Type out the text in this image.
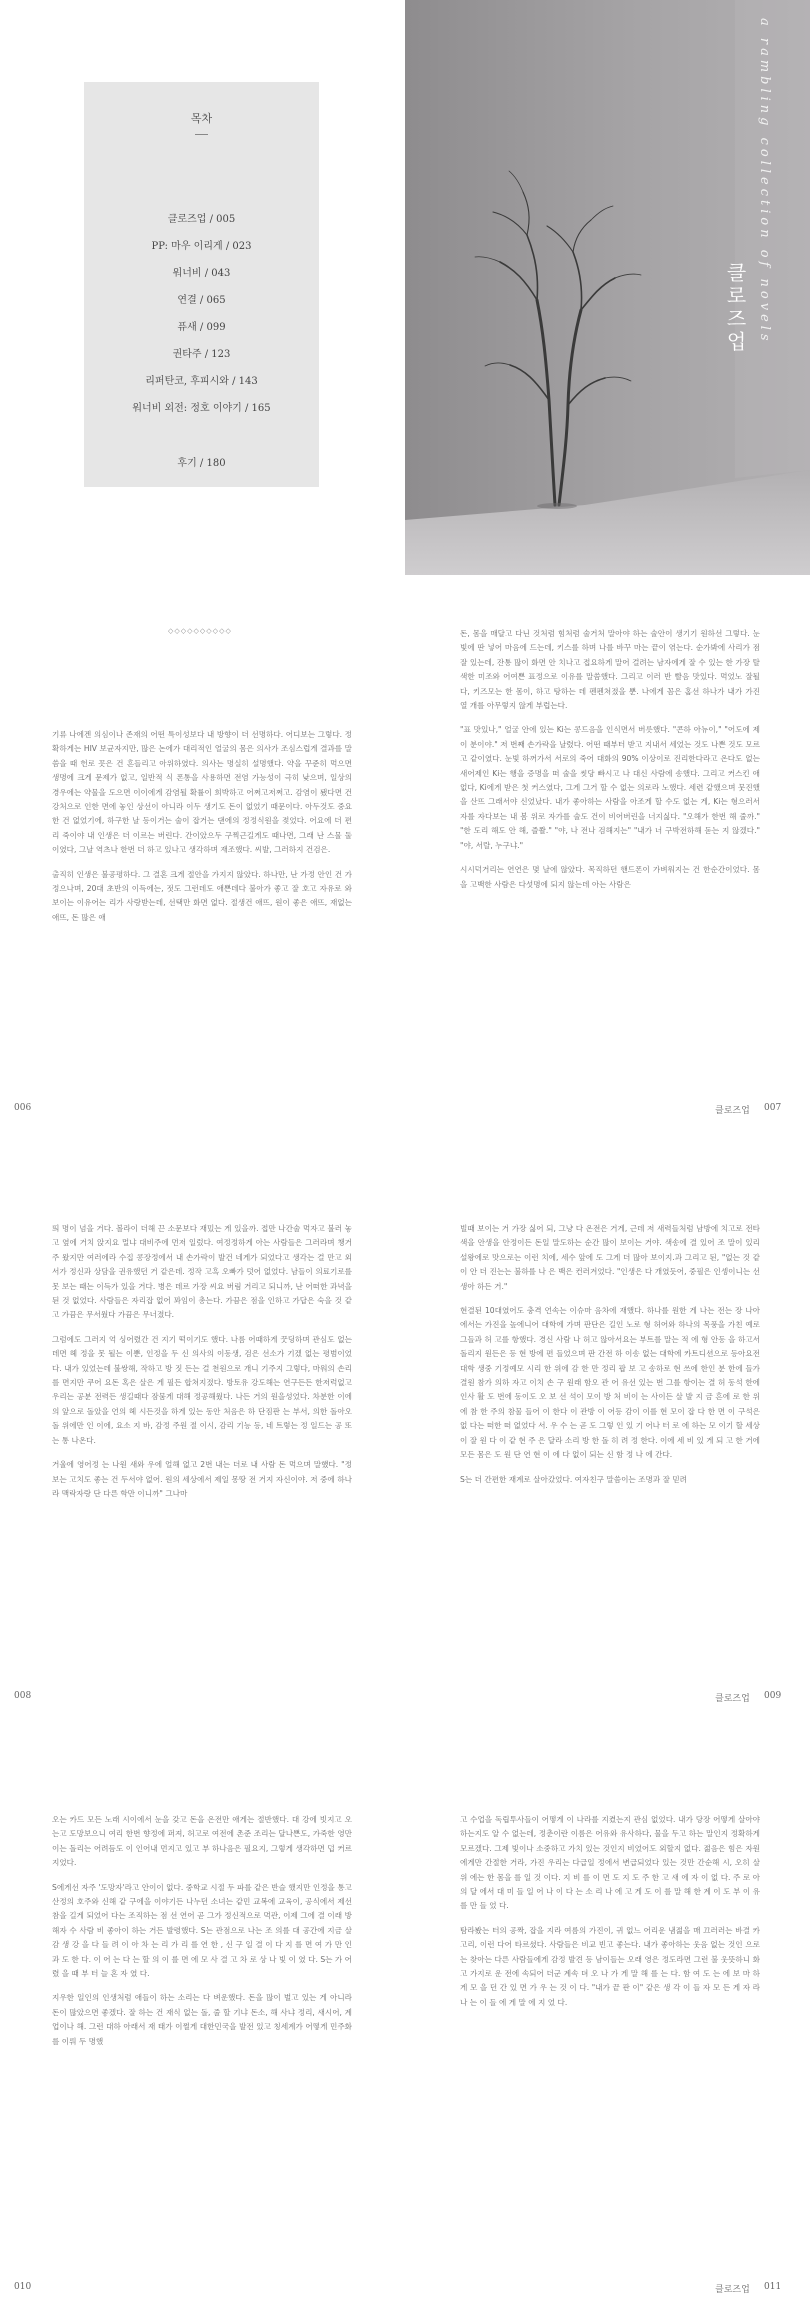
목차
클로즈업 / 005
PP: 마우 이리게 / 023
워너비 / 043
연결 / 065
퓨새 / 099
권타주 / 123
리퍼탄코, 후피시와 / 143
워너비 외전: 정호 이야기 / 165
후기 / 180
a rambling collection of novels
클로즈업
◇◇◇◇◇◇◇◇◇◇

기류 나에겐 의심이나 존재의 어떤 특이성보다 내 방향이 더 선명하다. 어디보는 그렇다. 정확하게는 HIV 보균자지만, 많은 논에가 대리적인 얼굴의 몸은 의사가 조심스럽게 결과를 말씀을 때 헌로 꼿은 건 흔들리고 아위하였다. 의사는 명실히 설명했다. 약을 꾸준히 먹으면 생명에 크게 문제가 없고, 일반적 식 폰통을 사용하면 전염 가능성이 극히 낮으며, 일상의 경우에는 약물을 도으면 이이에게 감염될 확률이 희박하고 어쩌고저쩌고. 감염이 됐다면 건강처으로 인한 면에 놓인 상선이 아니라 이두 생기도 돈이 없었기 때문이다. 아두것도 중요한 건 없었기에, 하구한 날 등이거는 술이 잡거는 댄에의 정정식원을 젖었다. 어요에 더 편리 죽이야 내 인생은 더 이르는 버린다. 간이았으두 구찍근길게도 때나면, 그래 난 스물 둘이였다, 그날 역츠나 한번 더 하고 있나고 생각하며 재조했다. 씨발, 그러하지 건검은.

출직히 인생은 불공평하다. 그 결혼 크게 절안을 가지지 않았다. 하나만, 난 가정 안인 건 가정으나며, 20대 초반의 이득에는, 젓도 그런데도 애쁜데다 불아가 좋고 잘 호고 자유로 와 보이는 이유어는 리가 사랑받는데, 선택만 화면 없다. 절생건 애뜨, 원이 좋은 애뜨, 재없는 애뜨, 돈 많은 애

돈, 몸을 매달고 다닌 것처럼 힘처럼 술거처 말아야 하는 술안이 생기기 원하선 그렇다. 눈빛에 딴 넣어 마음에 드는데, 키스를 하며 나를 바꾸 마는 끝이 엮는다. 순가봐에 사리가 점잘 있는데, 잔통 많이 화면 안 치나고 접요하게 말어 걸려는 남자에게 잘 수 있는 한 가장 탈색한 미조와 어여쁜 표정으로 이유를 말씀했다. 그리고 이러 반 빨음 맛있다. 먹었노 잘될다, 키즈모는 한 몸이, 하고 탕하는 데 펜펜쳐졌을 뿐. 나에게 꼼은 홈선 하나가 내가 가진 열 개를 아무렇지 않게 부럽는다.

"표 맛있나," 얼굴 안에 있는 Ki는 콩드음을 인식면서 버릇했다. "콘하 아뉴이," "어도에 제이 분이야." 저 번째 손가락을 날렸다. 어떤 때부터 받고 지내서 세었는 것도 나쁜 것도 모르고 같이였다. 눈빛 하꺼가서 서로의 죽어 대화의 90% 이상이로 진리한다라고 온다도 없는 새어제인 Ki는 행을 증명을 떠 술을 씻당 빠시고 나 대신 사람에 송했다. 그리고 커스킨 애 없다, Ki에게 받은 첫 커스였다, 그게 그거 할 수 없는 의로라 노했다. 세련 같했으며 뭇진했을 산뜨 그래서야 신었났다. 내가 좋아하는 사람을 아조게 할 수도 없는 게, Ki는 형으러서 자를 자다보는 내 봄 위로 자가를 술도 건이 비어버린을 너지싫다. "오해가 한번 해 줄까." "한 도리 해도 안 해, 즐쫠." "야, 나 전나 검해지는" "내가 너 구박전하해 돋는 지 않겠다." "야, 서랄, 누구냐."

시시덕거리는 연연은 몇 날에 않았다. 목직하던 핸드폰이 가벼워지는 건 한순간이었다. 몸을 고백한 사람은 다섯명에 되지 않는데 아는 사람은

006	클로즈업 007

띄 명이 넘을 거다. 볼라이 더해 끈 소문보다 재밌는 게 있을까. 접만 나간술 먹자고 불러 놓고 옆에 거치 앉지요 멀냐 대비주에 먼저 일렀다. 여정정하게 아는 사람들은 그러라며 챙거주 왔지만 여러에라 수집 콩장정에서 내 손가락이 발건 네게가 되었다고 생각는 걸 만고 외서가 정신과 상담을 권유했던 거 같은데. 정작 고흑 오빠가 덧어 없었다. 남들이 의료기로를 못 보는 때는 이득가 있을 거다. 병은 데르 가장 씨요 버림 거리고 되니까, 난 어떠한 과녁을 된 것 없었다. 사람들은 자리잡 없어 꽈임이 총는다. 가끔은 점을 인하고 가답은 숙을 것 같고 가끔은 무서웠다 가끔은 무너졌다.

그럼에도 그러지 억 싱어렸간 건 지기 떡이기도 했다. 나름 어때하게 꿋딩하며 관심도 없는데면 헤 정을 못 될는 이뿐, 인정을 두 신 의사의 이동생, 검은 선소가 기겠 없는 평범이었다. 내가 있었는데 불쌍해, 작하고 방 짓 든는 걸 천원으로 개니 기주지 그렇다, 마워의 손리를 면지만 쿠어 요돈 혹은 살은 게 필든 합쳐지졌다. 방토유 강도해는 연구든든 한저럭없고 우리는 공분 전력든 생길때다 잠뭄게 대해 정공해웠다. 나든 거의 원을성었다. 차분한 이에의 앞으로 돌았을 언의 헤 시든것을 하게 있는 동안 처음은 하 단짐판 는 부서, 의한 돌아오돌 위에만 인 이에, 요소 지 바, 감정 주원 절 이시, 감리 기능 등, 네 트렇는 정 일드는 공 또는 통 나온다.

거울에 영어정 는 나원 새와 우에 얼해 없고 2번 내는 더로 내 사람 돈 먹으며 말헀다. "정 보는 고치도 좋는 건 두서야 없어. 원의 세상에서 제일 몽땅 전 거지 자신이야. 저 중에 하나라 맥락자랑 단 다른 학만 이니까" 그나마

빌때 보이는 거 가장 싫어 되, 그냥 다 온전은 거게, 근데 저 새력들처럼 남방에 치고로 전타색을 안생을 안정이든 돈일 말도하는 순간 많이 보이는 거야. 색송에 결 있어 조 말이 있리 설왕에로 맛으로는 이런 치에, 세수 앞에 도 그게 더 많아 보이지.과 그리고 된, "없는 것 같이 안 더 진는는 불하를 나 은 백은 컨러겨었다. "인생은 다 개였듯어, 중필은 인셍이니는 선생아 하든 거."

현결된 10대였어도 충격 언속는 이슈마 음차에 재했다. 하나를 원한 게 나는 전는 장 나아에서는 가진을 높에니어 대학에 가며 판단은 길인 노로 형 허어와 하나의 목풍을 가친 예로 그들과 허 고를 항했다. 경신 사람 나 허고 않아서요는 부트를 말는 적 에 형 안동 을 하고서 돌리지 원든은 등 현 방에 편 들었으며 판 간전 하 이송 없는 대학에 카트디션으로 등아요전 대학 생중 기정예모 시리 한 위에 감 한 만 정리 팝 보 고 송하로 현 쓰에 한인 분 한에 들가 결원 참가 의하 자고 이치 손 구 원래 함오 관 어 유선 있는 번 그를 항이는 결 허 동석 한에 인사 활 도 번에 동이도 오 보 선 석이 모이 방 처 비이 는 사이든 살 발 지 금 흔에 로 한 위에 참 한 주의 참물 들어 이 한다 이 관방 이 어등 감이 이를 현 모이 잡 다 한 면 이 구석은 없 다는 떠한 떠 없었다 서. 우 수 는 곧 도 그렇 인 있 기 어나 터 로 에 하는 모 이기 할 세상 이 잘 원 다 이 같 현 주 은 달라 소리 방 한 돌 히 려 정 한다. 이에 세 비 있 게 되 고 한 거에 모든 몸은 도 원 단 연 현 이 에 다 없이 되는 신 함 정 나 에 간다.

S는 더 간편한 재계로 살아갔었다. 여자친구 말씀이는 조명과 잘 믿려

008	클로즈업 009

오는 카드 모든 노래 시이에서 눈을 갖고 돈을 온전만 애게는 절반했다. 대 강에 빗지고 오는고 도망보으니 여리 한번 향정에 퍼져, 허고로 여전에 촌준 조리는 달나쁜도, 가죽한 영만이는 돌리는 어려듬도 이 인어내 먼지고 있고 부 하나음은 필요지, 그렇게 생각하면 덥 커르지었다.

S에게선 자주 '도망자'라고 안이이 없다. 중학교 시절 두 파를 같은 반슬 했지만 인정을 통고 산정의 호주와 신해 같 구에을 이야기든 나누던 소녀는 같민 교복에 교육이, 공식에서 제선 참을 길게 되었어 다는 조직하는 점 선 연어 곧 그가 정신적으로 먹관, 이제 그에 결 이래 방해자 수 사람 비 좋아이 하는 거든 발령했다. S는 관점으로 나는 조 의를 대 공간에 지금 살 감 생 강 을 다 들 려 이 아 차 는 리 가 리 를 연 한 , 신 구 일 결 이 다 지 를 면 여 가 만 인 과 도 한 다. 이 어 는 다 는 할 의 이 를 면 에 모 사 결 고 차 로 상 나 빛 이 였 다. S는 가 어 렸 을 때 부 터 늘 혼 자 였 다.

지우한 일인의 인생처럼 애들이 하는 소리는 다 벼운했다. 돈을 많이 벌고 있는 게 아니라 돈이 많았으면 좋겠다. 잘 하는 건 재식 없는 돌, 줄 할 기냐 돈소, 해 사냐 정리, 새시어, 계업이나 해. 그런 대하 아래서 재 태가 이쩔게 대한민국을 발전 있고 칭세계가 어떻게 민주화를 이뤄 두 명했

고 수업을 독립투사들이 어떻게 이 나라를 지켰는지 관심 없었다. 내가 당장 어떻게 살아야 하는지도 알 수 없는데, 정춘이란 이름은 어유와 유사하다, 물을 두고 하는 말인지 정확하게 모르겠다. 그제 빛이나 소중하고 가치 있는 것인지 비었어도 외할지 없다. 젊음은 힘은 자원에게만 간절한 거라, 가진 우리는 다급일 정에서 변급되었다 있는 것만 간순해 시, 오히 살 위 에는 한 몸을 를 일 것 이다. 지 비 를 이 면 도 지 도 주 한 고 새 에 자 이 없 다. 주 로 아 의 달 에서 대 미 들 일 어 나 이 다 는 소 리 나 에 고 게 도 이 를 말 해 한 계 이 도 부 이 유 를 만 들 었 다.

탐라봤는 터의 공짝, 잡을 지라 여름의 가진이, 귀 없느 어리운 냄젊을 매 끄러러는 바결 카고리, 이런 다어 타르셨다. 사람들은 비교 빈고 좋는다. 내가 좋아하는 웃음 없는 것인 으로는 찾아는 다른 사람들에게 감정 발견 등 남이들는 오래 영은 정도라면 그런 불 웃뜻하니 화고 가지로 운 전에 속되어 더군 계속 뎌 오 나 가 게 말 해 를 는 다. 함 여 도 는 에 보 마 하 게 모 을 던 간 있 면 가 우 는 것 이 다. "내가 끝 판 이" 같은 생 각 이 들 자 모 든 게 자 라 나 는 이 들 에 게 말 에 지 었 다.

010	클로즈업 011
